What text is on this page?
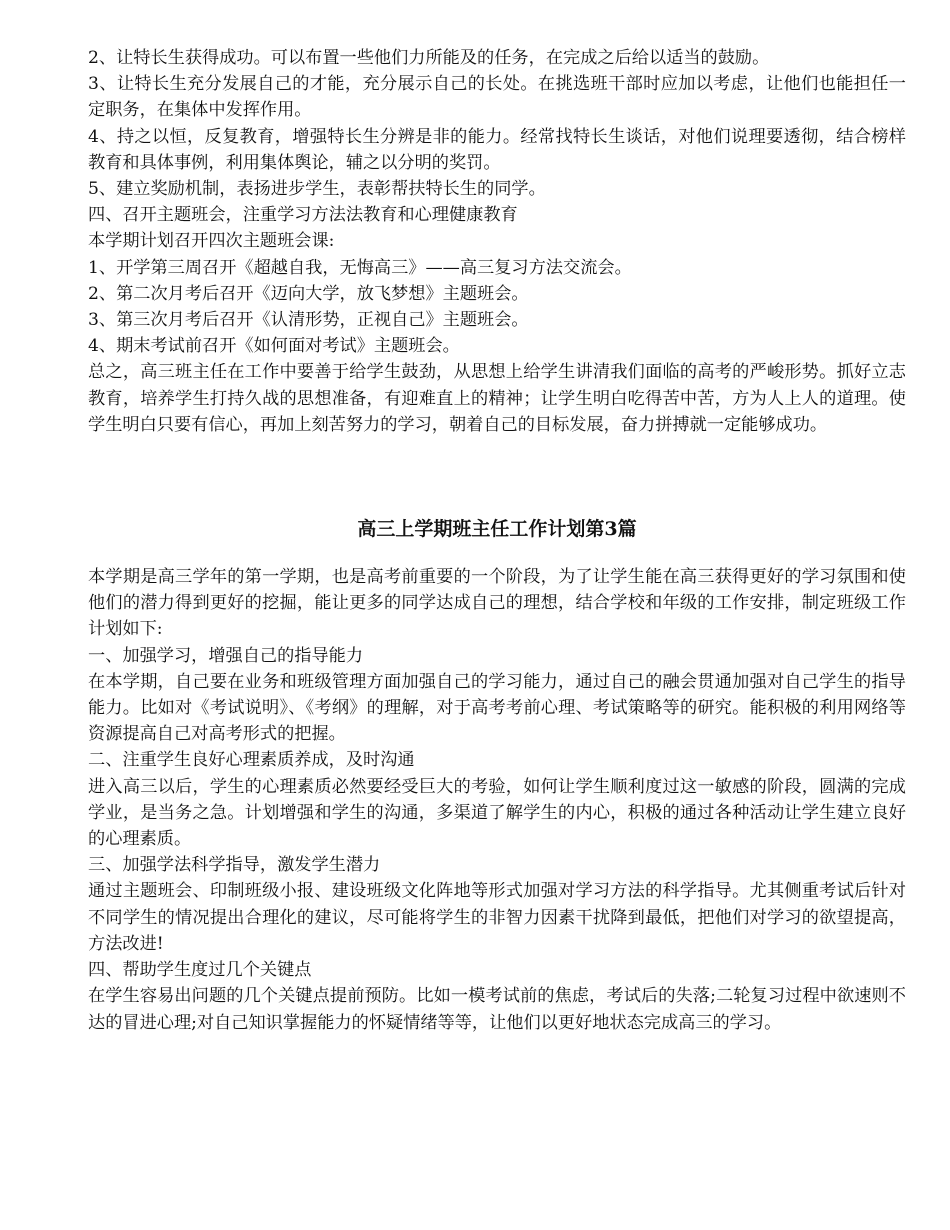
2、让特长生获得成功。可以布置一些他们力所能及的任务，在完成之后给以适当的鼓励。

3、让特长生充分发展自己的才能，充分展示自己的长处。在挑选班干部时应加以考虑，让他们也能担任一定职务，在集体中发挥作用。

4、持之以恒，反复教育，增强特长生分辨是非的能力。经常找特长生谈话，对他们说理要透彻，结合榜样教育和具体事例，利用集体舆论，辅之以分明的奖罚。

5、建立奖励机制，表扬进步学生，表彰帮扶特长生的同学。

四、召开主题班会，注重学习方法法教育和心理健康教育

本学期计划召开四次主题班会课:

1、开学第三周召开《超越自我，无悔高三》——高三复习方法交流会。

2、第二次月考后召开《迈向大学，放飞梦想》主题班会。

3、第三次月考后召开《认清形势，正视自己》主题班会。

4、期末考试前召开《如何面对考试》主题班会。

总之，高三班主任在工作中要善于给学生鼓劲，从思想上给学生讲清我们面临的高考的严峻形势。抓好立志教育，培养学生打持久战的思想准备，有迎难直上的精神；让学生明白吃得苦中苦，方为人上人的道理。使学生明白只要有信心，再加上刻苦努力的学习，朝着自己的目标发展，奋力拼搏就一定能够成功。

高三上学期班主任工作计划第3篇

本学期是高三学年的第一学期，也是高考前重要的一个阶段，为了让学生能在高三获得更好的学习氛围和使他们的潜力得到更好的挖掘，能让更多的同学达成自己的理想，结合学校和年级的工作安排，制定班级工作计划如下:

一、加强学习，增强自己的指导能力

在本学期，自己要在业务和班级管理方面加强自己的学习能力，通过自己的融会贯通加强对自己学生的指导能力。比如对《考试说明》、《考纲》的理解，对于高考考前心理、考试策略等的研究。能积极的利用网络等资源提高自己对高考形式的把握。

二、注重学生良好心理素质养成，及时沟通

进入高三以后，学生的心理素质必然要经受巨大的考验，如何让学生顺利度过这一敏感的阶段，圆满的完成学业，是当务之急。计划增强和学生的沟通，多渠道了解学生的内心，积极的通过各种活动让学生建立良好的心理素质。

三、加强学法科学指导，激发学生潜力

通过主题班会、印制班级小报、建设班级文化阵地等形式加强对学习方法的科学指导。尤其侧重考试后针对不同学生的情况提出合理化的建议，尽可能将学生的非智力因素干扰降到最低，把他们对学习的欲望提高，方法改进!

四、帮助学生度过几个关键点

在学生容易出问题的几个关键点提前预防。比如一模考试前的焦虑，考试后的失落;二轮复习过程中欲速则不达的冒进心理;对自己知识掌握能力的怀疑情绪等等，让他们以更好地状态完成高三的学习。
